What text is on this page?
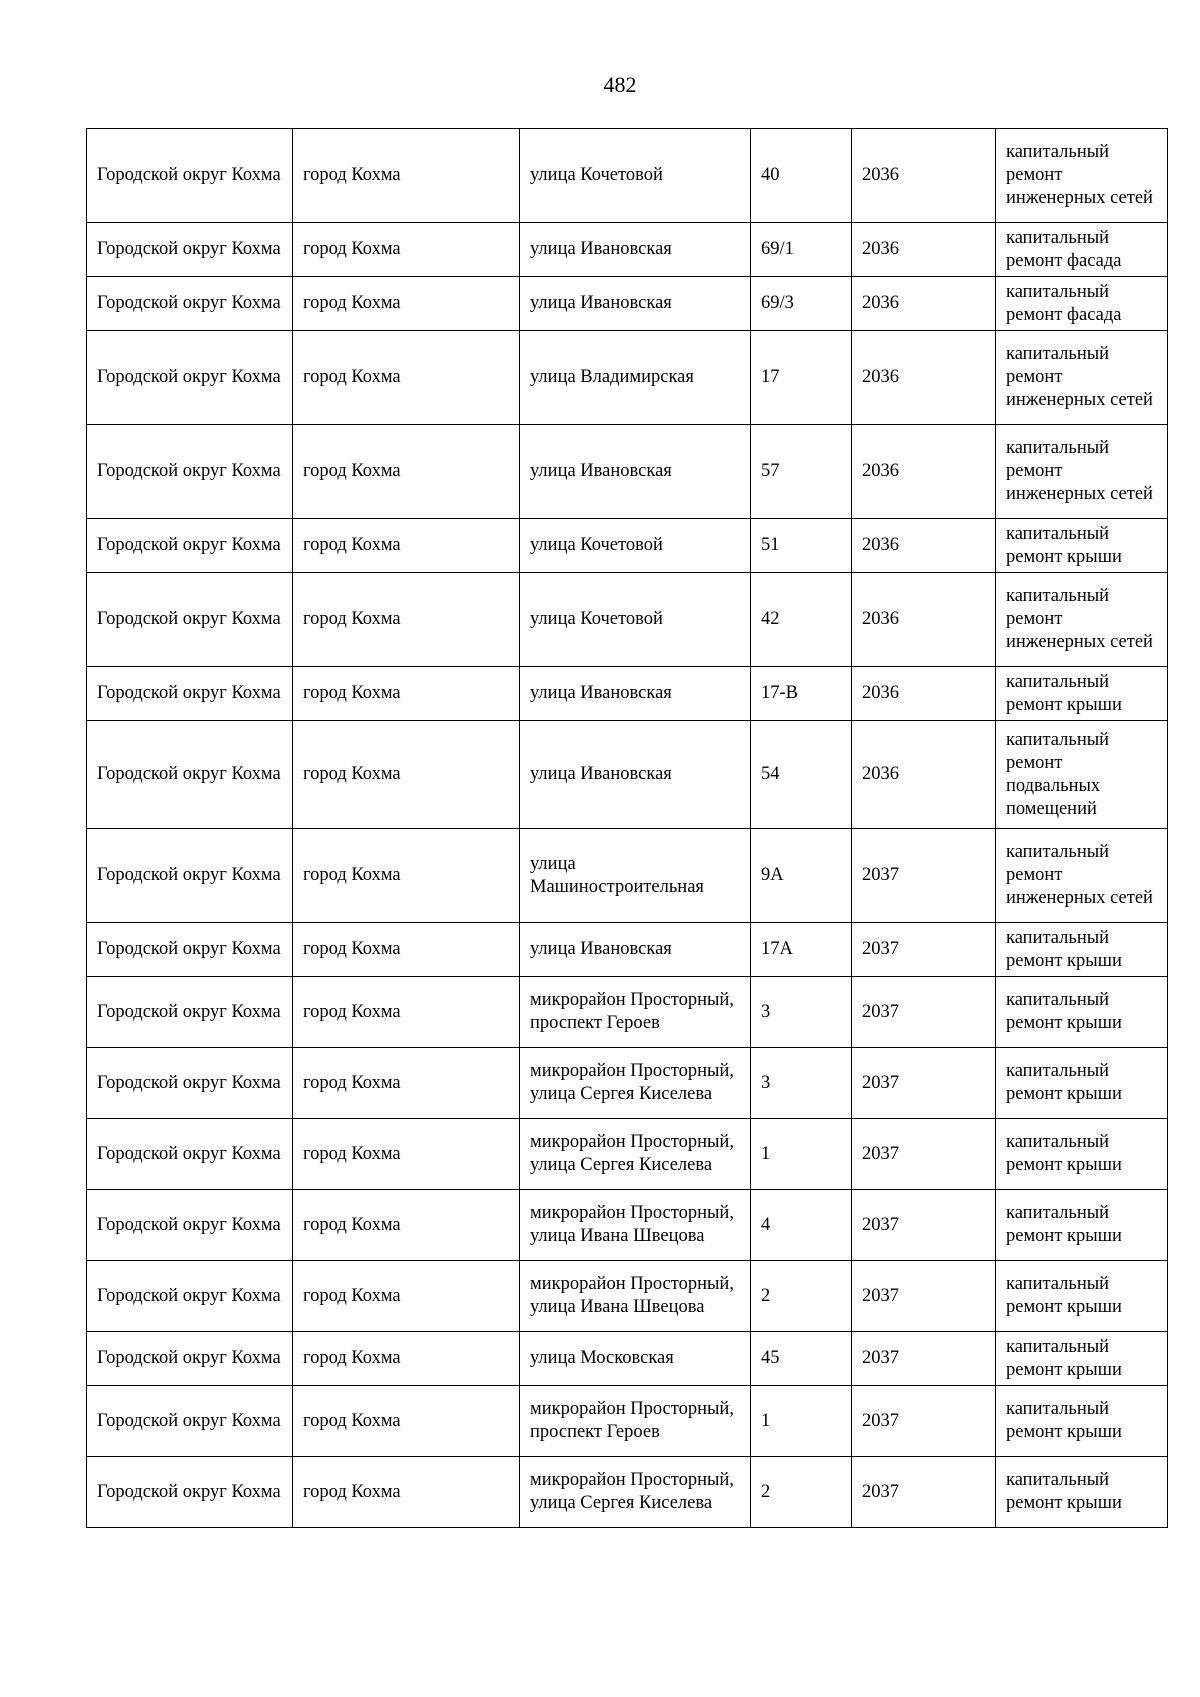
482
Городской округ Кохма	город Кохма	улица Кочетовой	40	2036	капитальный ремонт инженерных сетей
Городской округ Кохма	город Кохма	улица Ивановская	69/1	2036	капитальный ремонт фасада
Городской округ Кохма	город Кохма	улица Ивановская	69/3	2036	капитальный ремонт фасада
Городской округ Кохма	город Кохма	улица Владимирская	17	2036	капитальный ремонт инженерных сетей
Городской округ Кохма	город Кохма	улица Ивановская	57	2036	капитальный ремонт инженерных сетей
Городской округ Кохма	город Кохма	улица Кочетовой	51	2036	капитальный ремонт крыши
Городской округ Кохма	город Кохма	улица Кочетовой	42	2036	капитальный ремонт инженерных сетей
Городской округ Кохма	город Кохма	улица Ивановская	17-В	2036	капитальный ремонт крыши
Городской округ Кохма	город Кохма	улица Ивановская	54	2036	капитальный ремонт подвальных помещений
Городской округ Кохма	город Кохма	улица Машиностроительная	9А	2037	капитальный ремонт инженерных сетей
Городской округ Кохма	город Кохма	улица Ивановская	17А	2037	капитальный ремонт крыши
Городской округ Кохма	город Кохма	микрорайон Просторный, проспект Героев	3	2037	капитальный ремонт крыши
Городской округ Кохма	город Кохма	микрорайон Просторный, улица Сергея Киселева	3	2037	капитальный ремонт крыши
Городской округ Кохма	город Кохма	микрорайон Просторный, улица Сергея Киселева	1	2037	капитальный ремонт крыши
Городской округ Кохма	город Кохма	микрорайон Просторный, улица Ивана Швецова	4	2037	капитальный ремонт крыши
Городской округ Кохма	город Кохма	микрорайон Просторный, улица Ивана Швецова	2	2037	капитальный ремонт крыши
Городской округ Кохма	город Кохма	улица Московская	45	2037	капитальный ремонт крыши
Городской округ Кохма	город Кохма	микрорайон Просторный, проспект Героев	1	2037	капитальный ремонт крыши
Городской округ Кохма	город Кохма	микрорайон Просторный, улица Сергея Киселева	2	2037	капитальный ремонт крыши
